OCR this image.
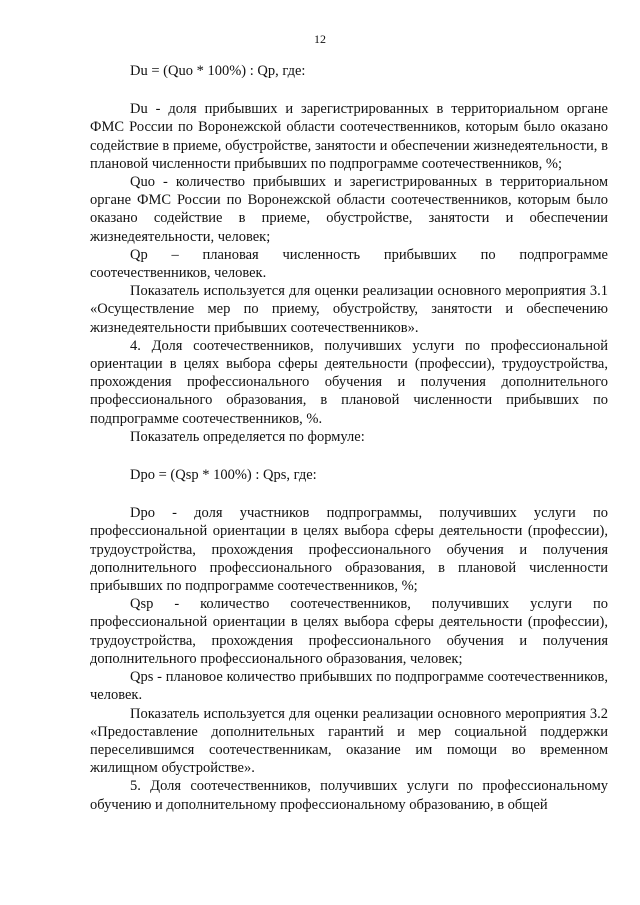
12

Du = (Quo * 100%) : Qp, где:

Du - доля прибывших и зарегистрированных в территориальном органе ФМС России по Воронежской области соотечественников, которым было оказано содействие в приеме, обустройстве, занятости и обеспечении жизнедеятельности, в плановой численности прибывших по подпрограмме соотечественников, %;

Quo - количество прибывших и зарегистрированных в территориальном органе ФМС России по Воронежской области соотечественников, которым было оказано содействие в приеме, обустройстве, занятости и обеспечении жизнедеятельности, человек;

Qp – плановая численность прибывших по подпрограмме соотечественников, человек.

Показатель используется для оценки реализации основного мероприятия 3.1 «Осуществление мер по приему, обустройству, занятости и обеспечению жизнедеятельности прибывших соотечественников».

4. Доля соотечественников, получивших услуги по профессиональной ориентации в целях выбора сферы деятельности (профессии), трудоустройства, прохождения профессионального обучения и получения дополнительного профессионального образования, в плановой численности прибывших по подпрограмме соотечественников, %.

Показатель определяется по формуле:

Dpo = (Qsp * 100%) : Qps, где:

Dpo - доля участников подпрограммы, получивших услуги по профессиональной ориентации в целях выбора сферы деятельности (профессии), трудоустройства, прохождения профессионального обучения и получения дополнительного профессионального образования, в плановой численности прибывших по подпрограмме соотечественников, %;

Qsp - количество соотечественников, получивших услуги по профессиональной ориентации в целях выбора сферы деятельности (профессии), трудоустройства, прохождения профессионального обучения и получения дополнительного профессионального образования, человек;

Qps - плановое количество прибывших по подпрограмме соотечественников, человек.

Показатель используется для оценки реализации основного мероприятия 3.2 «Предоставление дополнительных гарантий и мер социальной поддержки переселившимся соотечественникам, оказание им помощи во временном жилищном обустройстве».

5. Доля соотечественников, получивших услуги по профессиональному обучению и дополнительному профессиональному образованию, в общей
